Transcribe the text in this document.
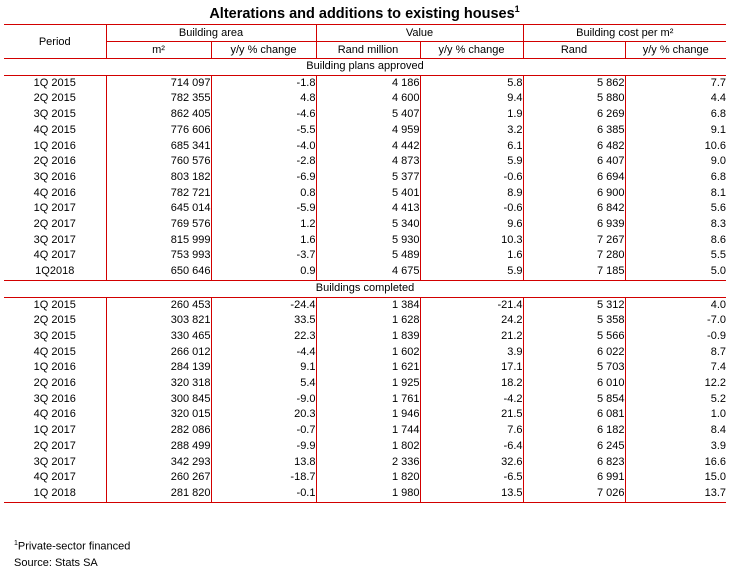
Alterations and additions to existing houses$^1$
Period	Building area		Value		Building cost per m²	
	m²	y/y % change	Rand million	y/y % change	Rand	y/y % change
Building plans approved						
1Q 2015	714 097	-1.8	4 186	5.8	5 862	7.7
2Q 2015	782 355	4.8	4 600	9.4	5 880	4.4
3Q 2015	862 405	-4.6	5 407	1.9	6 269	6.8
4Q 2015	776 606	-5.5	4 959	3.2	6 385	9.1
1Q 2016	685 341	-4.0	4 442	6.1	6 482	10.6
2Q 2016	760 576	-2.8	4 873	5.9	6 407	9.0
3Q 2016	803 182	-6.9	5 377	-0.6	6 694	6.8
4Q 2016	782 721	0.8	5 401	8.9	6 900	8.1
1Q 2017	645 014	-5.9	4 413	-0.6	6 842	5.6
2Q 2017	769 576	1.2	5 340	9.6	6 939	8.3
3Q 2017	815 999	1.6	5 930	10.3	7 267	8.6
4Q 2017	753 993	-3.7	5 489	1.6	7 280	5.5
1Q2018	650 646	0.9	4 675	5.9	7 185	5.0
Buildings completed						
1Q 2015	260 453	-24.4	1 384	-21.4	5 312	4.0
2Q 2015	303 821	33.5	1 628	24.2	5 358	-7.0
3Q 2015	330 465	22.3	1 839	21.2	5 566	-0.9
4Q 2015	266 012	-4.4	1 602	3.9	6 022	8.7
1Q 2016	284 139	9.1	1 621	17.1	5 703	7.4
2Q 2016	320 318	5.4	1 925	18.2	6 010	12.2
3Q 2016	300 845	-9.0	1 761	-4.2	5 854	5.2
4Q 2016	320 015	20.3	1 946	21.5	6 081	1.0
1Q 2017	282 086	-0.7	1 744	7.6	6 182	8.4
2Q 2017	288 499	-9.9	1 802	-6.4	6 245	3.9
3Q 2017	342 293	13.8	2 336	32.6	6 823	16.6
4Q 2017	260 267	-18.7	1 820	-6.5	6 991	15.0
1Q 2018	281 820	-0.1	1 980	13.5	7 026	13.7
$^1$Private-sector financed
Source: Stats SA
